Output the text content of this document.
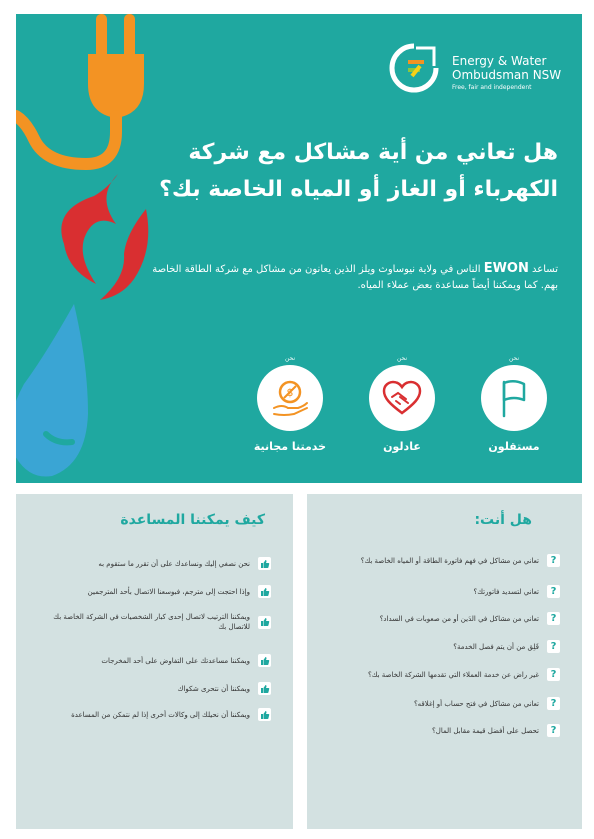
Energy & Water
Ombudsman NSW
Free, fair and independent
هل تعاني من أية مشاكل مع شركة
الكهرباء أو الغاز أو المياه الخاصة بك؟
تساعد EWON الناس في ولاية نيوساوث ويلز الذين يعانون من مشاكل مع شركة الطاقة الخاصة بهم. كما ويمكننا أيضاً مساعدة بعض عملاء المياه.
نحن
مستقلون
نحن
عادلون
نحن
$
خدمتنا مجانية
كيف يمكننا المساعدة
نحن نصغي إليك ونساعدك على أن تقرر ما ستقوم به
وإذا احتجت إلى مترجم، فبوسعنا الاتصال بأحد المترجمين
ويمكننا الترتيب لاتصال إحدى كبار الشخصيات في الشركة الخاصة بك للاتصال بك
ويمكننا مساعدتك على التفاوض على أحد المخرجات
ويمكننا أن نتحرى شكواك
ويمكننا أن نحيلك إلى وكالات أخرى إذا لم نتمكن من المساعدة
هل أنت:
?
تعاني من مشاكل في فهم فاتورة الطاقة أو المياه الخاصة بك؟
?
تعاني لتسديد فاتورتك؟
?
تعاني من مشاكل في الدَين أو من صعوبات في السداد؟
?
قَلِق من أن يتم فصل الخدمة؟
?
غير راض عن خدمة العملاء التي تقدمها الشركة الخاصة بك؟
?
تعاني من مشاكل في فتح حساب أو إغلاقه؟
?
تحصل على أفضل قيمة مقابل المال؟
